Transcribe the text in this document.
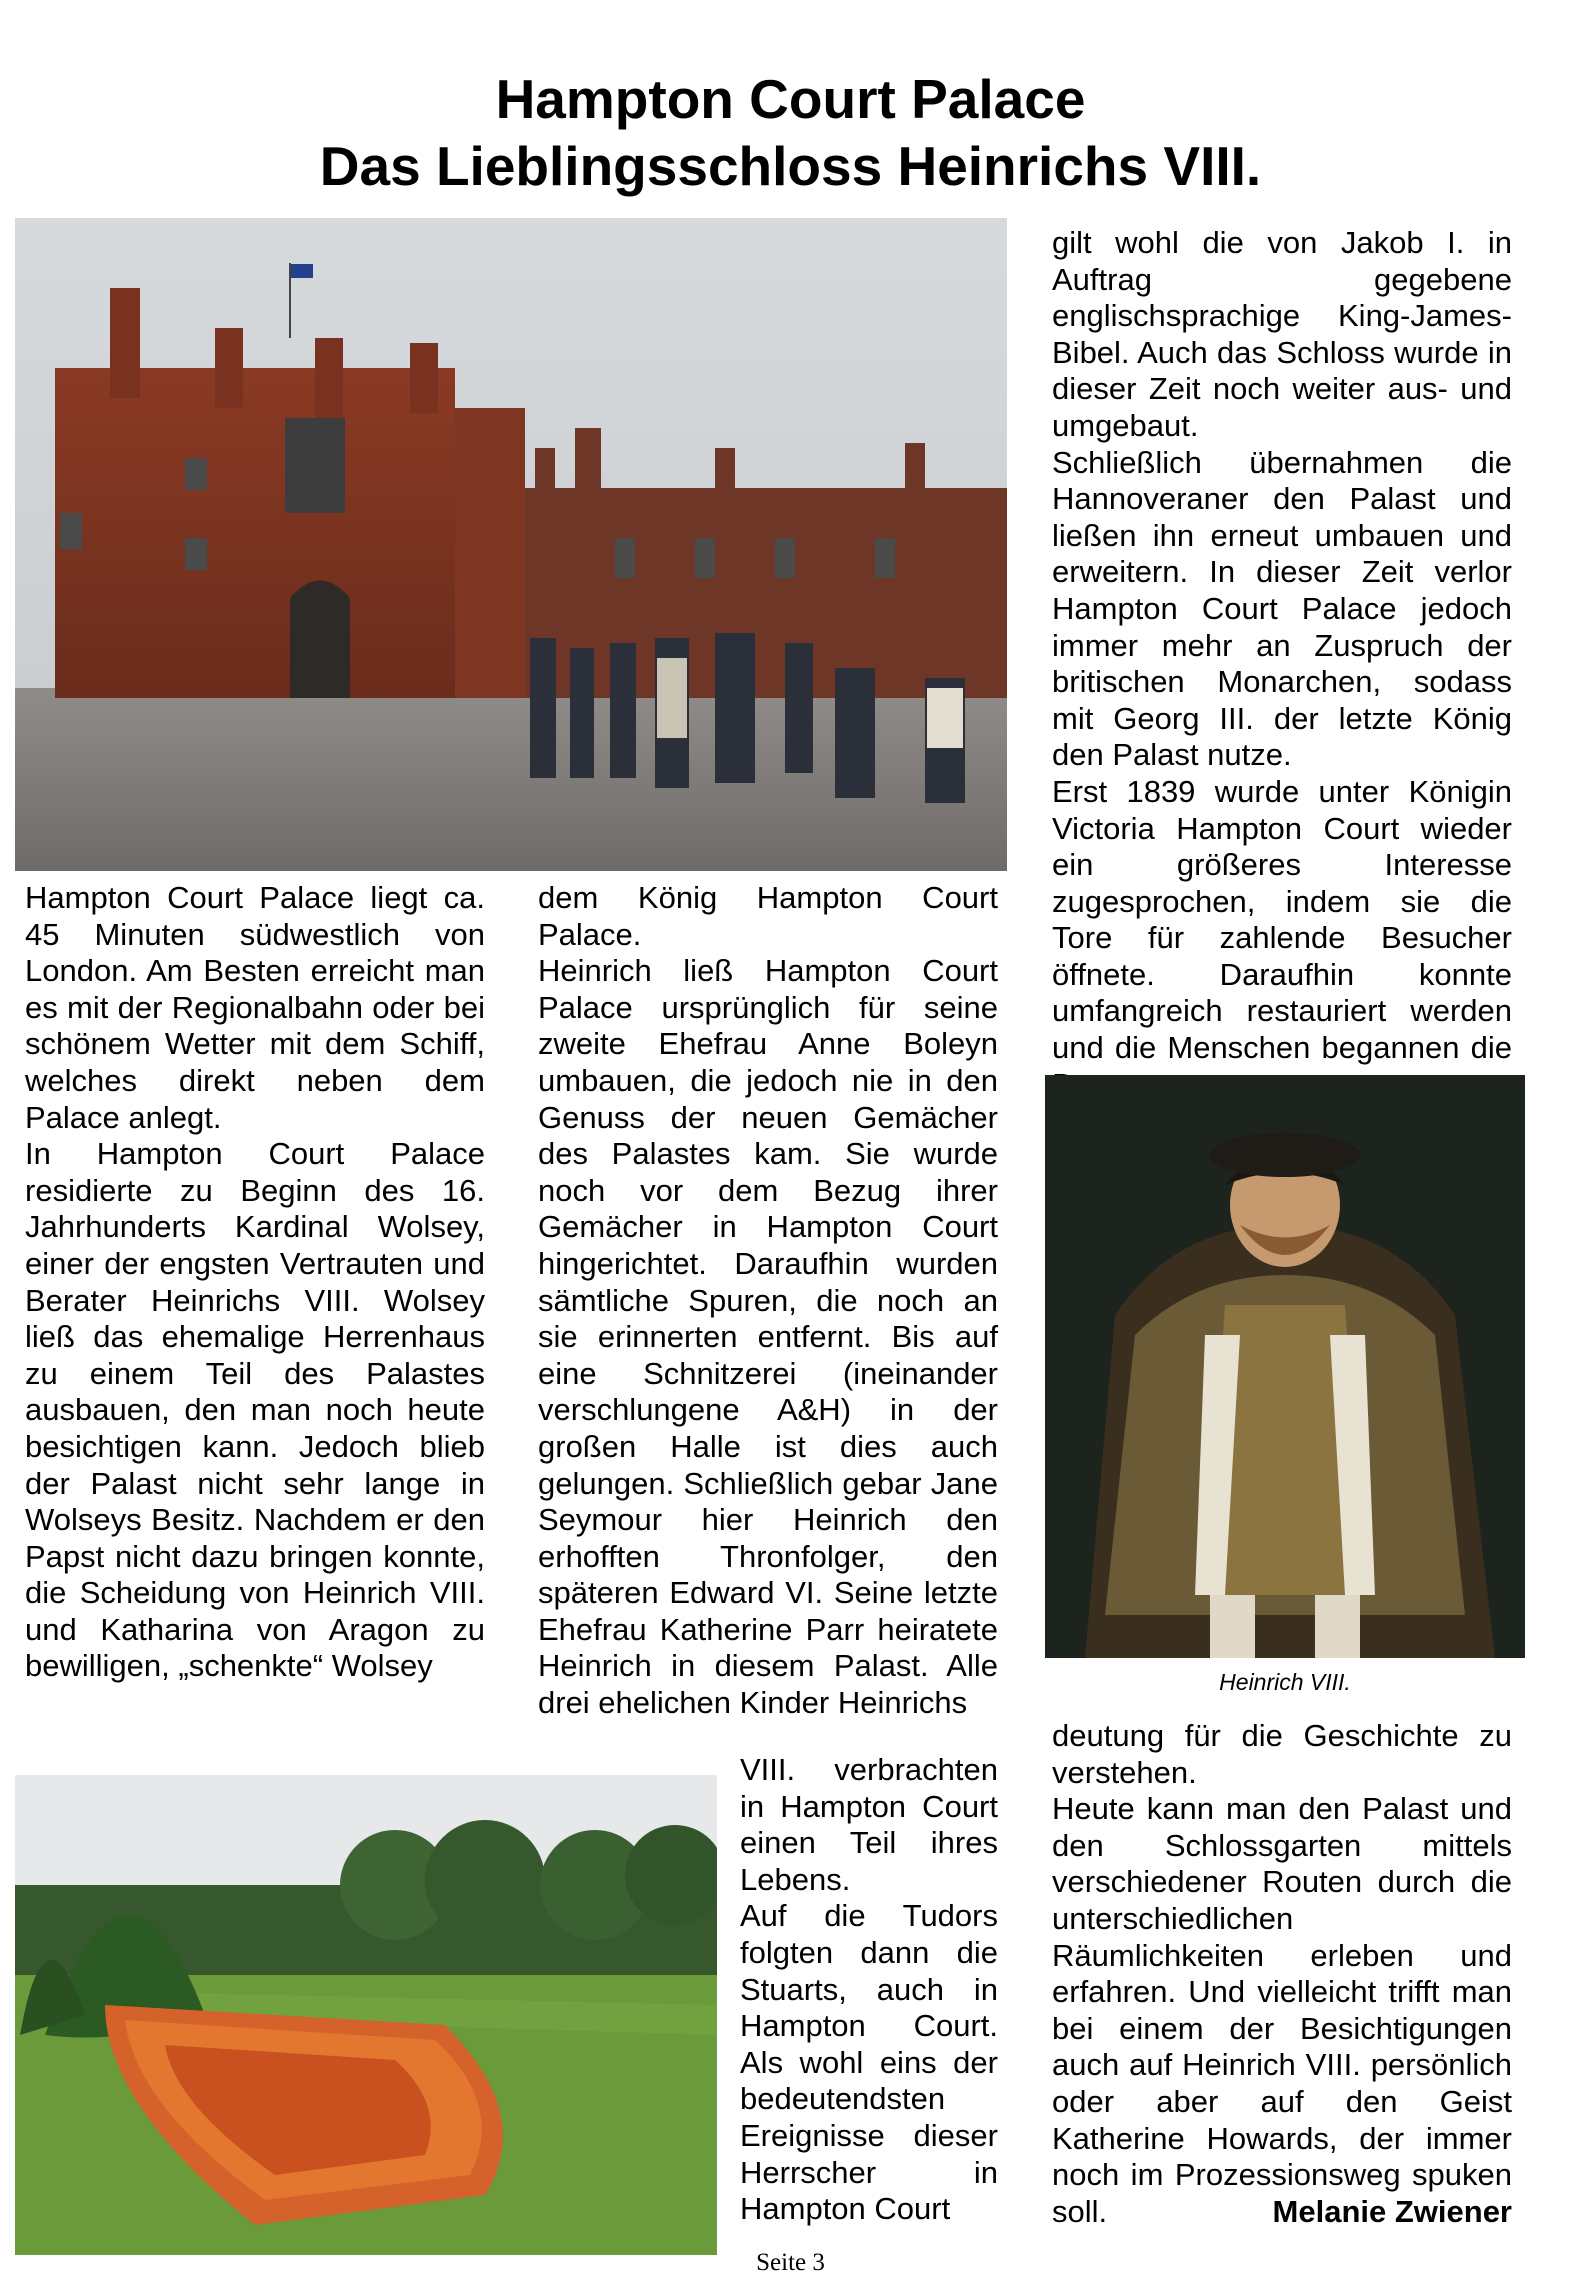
Hampton Court Palace
Das Lieblingsschloss Heinrichs VIII.

Hampton Court Palace liegt ca. 45 Minuten südwestlich von London. Am Besten erreicht man es mit der Regionalbahn oder bei schönem Wetter mit dem Schiff, welches direkt neben dem Palace anlegt.

In Hampton Court Palace residierte zu Beginn des 16. Jahrhunderts Kardinal Wolsey, einer der engsten Vertrauten und Berater Heinrichs VIII. Wolsey ließ das ehemalige Herrenhaus zu einem Teil des Palastes ausbauen, den man noch heute besichtigen kann. Jedoch blieb der Palast nicht sehr lange in Wolseys Besitz. Nachdem er den Papst nicht dazu bringen konnte, die Scheidung von Heinrich VIII. und Katharina von Aragon zu bewilligen, „schenkte“ Wolsey

dem König Hampton Court Palace.

Heinrich ließ Hampton Court Palace ursprünglich für seine zweite Ehefrau Anne Boleyn umbauen, die jedoch nie in den Genuss der neuen Gemächer des Palastes kam. Sie wurde noch vor dem Bezug ihrer Gemächer in Hampton Court hingerichtet. Daraufhin wurden sämtliche Spuren, die noch an sie erinnerten entfernt. Bis auf eine Schnitzerei (ineinander verschlungene A&H) in der großen Halle ist dies auch gelungen. Schließlich gebar Jane Seymour hier Heinrich den erhofften Thronfolger, den späteren Edward VI. Seine letzte Ehefrau Katherine Parr heiratete Heinrich in diesem Palast. Alle drei ehelichen Kinder Heinrichs

VIII. verbrachten in Hampton Court einen Teil ihres Lebens.

Auf die Tudors folgten dann die Stuarts, auch in Hampton Court. Als wohl eins der bedeutendsten Ereignisse dieser Herrscher in Hampton Court

gilt wohl die von Jakob I. in Auftrag gegebene englischsprachige King-James-Bibel. Auch das Schloss wurde in dieser Zeit noch weiter aus- und umgebaut.

Schließlich übernahmen die Hannoveraner den Palast und ließen ihn erneut umbauen und erweitern. In dieser Zeit verlor Hampton Court Palace jedoch immer mehr an Zuspruch der britischen Monarchen, sodass mit Georg III. der letzte König den Palast nutze.

Erst 1839 wurde unter Königin Victoria Hampton Court wieder ein größeres Interesse zugesprochen, indem sie die Tore für zahlende Besucher öffnete. Daraufhin konnte umfangreich restauriert werden und die Menschen begannen die

Heinrich VIII.

deutung für die Geschichte zu verstehen.

Heute kann man den Palast und den Schlossgarten mittels verschiedener Routen durch die unterschiedlichen Räumlichkeiten erleben und erfahren. Und vielleicht trifft man bei einem der Besichtigungen auch auf Heinrich VIII. persönlich oder aber auf den Geist Katherine Howards, der immer noch im Prozessionsweg spuken soll.	Melanie Zwiener

Seite 3
